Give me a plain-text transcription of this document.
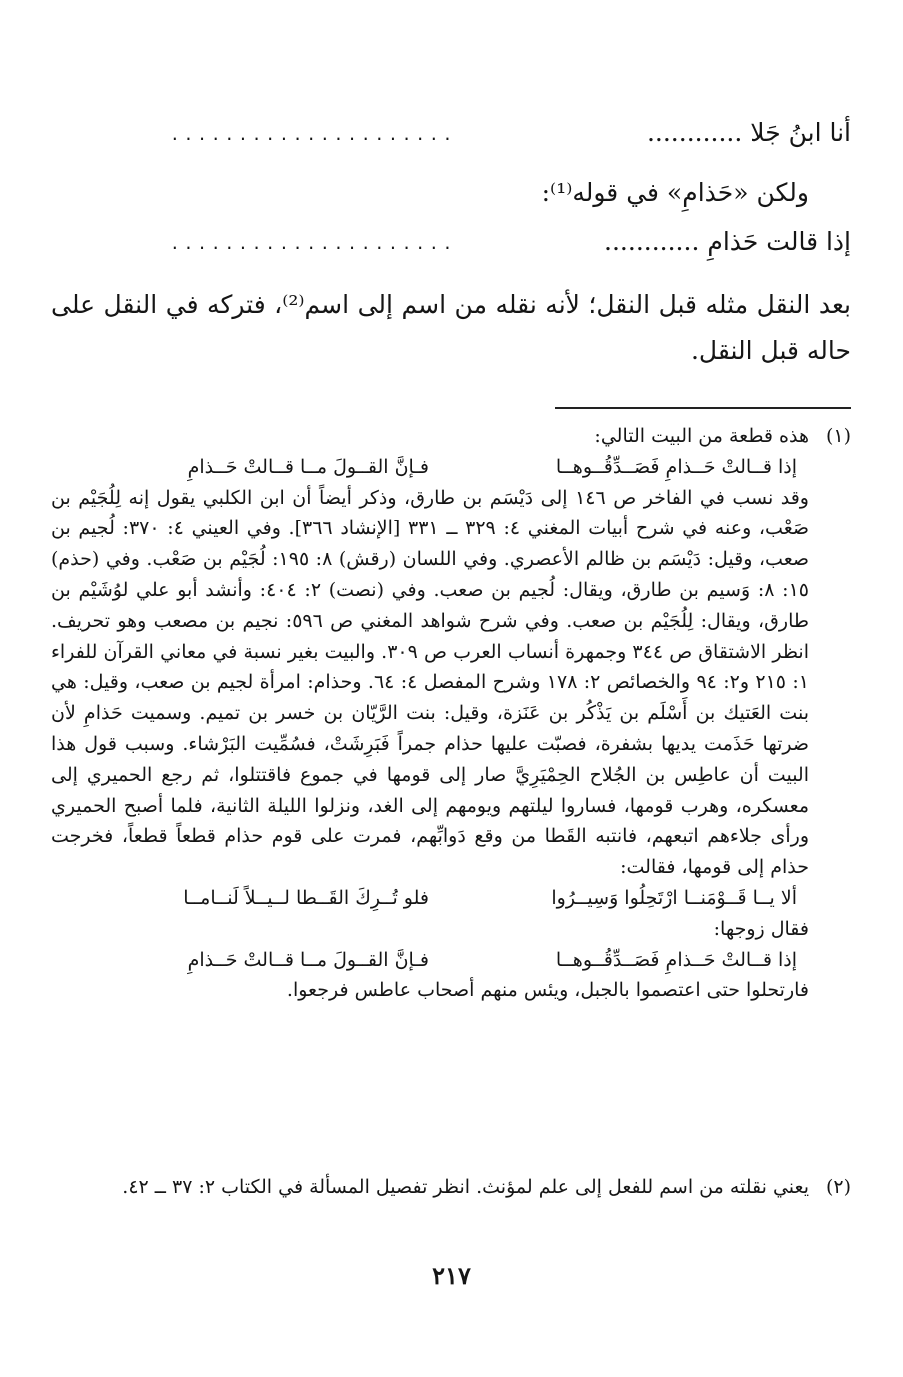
أنا ابنُ جَلا ............
.....................
ولكن «حَذامِ» في قوله⁽¹⁾:
إذا قالت حَذامِ ............
.....................
بعد النقل مثله قبل النقل؛ لأنه نقله من اسم إلى اسم⁽²⁾، فتركه في النقل على حاله قبل النقل.
(١)
هذه قطعة من البيت التالي:
إذا قــالتْ حَــذامِ فَصَــدِّقُــوهــا
فـإنَّ القــولَ مــا قــالتْ حَــذامِ
وقد نسب في الفاخر ص ١٤٦ إلى دَيْسَم بن طارق، وذكر أيضاً أن ابن الكلبي يقول إنه لِلُجَيْم بن صَعْب، وعنه في شرح أبيات المغني ٤: ٣٢٩ ــ ٣٣١ [الإنشاد ٣٦٦]. وفي العيني ٤: ٣٧٠: لُجيم بن صعب، وقيل: دَيْسَم بن ظالم الأعصري. وفي اللسان (رقش) ٨: ١٩٥: لُجَيْم بن صَعْب. وفي (حذم) ١٥: ٨: وَسيم بن طارق، ويقال: لُجيم بن صعب. وفي (نصت) ٢: ٤٠٤: وأنشد أبو علي لوُشَيْم بن طارق، ويقال: لِلُجَيْم بن صعب. وفي شرح شواهد المغني ص ٥٩٦: نجيم بن مصعب وهو تحريف. انظر الاشتقاق ص ٣٤٤ وجمهرة أنساب العرب ص ٣٠٩. والبيت بغير نسبة في معاني القرآن للفراء ١: ٢١٥ و٢: ٩٤ والخصائص ٢: ١٧٨ وشرح المفصل ٤: ٦٤. وحذام: امرأة لجيم بن صعب، وقيل: هي بنت العَتيك بن أَسْلَم بن يَذْكُر بن عَنَزة، وقيل: بنت الرَّيّان بن خسر بن تميم. وسميت حَذامِ لأن ضرتها حَذَمت يديها بشفرة، فصبّت عليها حذام جمراً فَبَرِشَتْ، فسُمِّيت البَرْشاء. وسبب قول هذا البيت أن عاطِس بن الجُلاح الحِمْيَرِيَّ صار إلى قومها في جموع فاقتتلوا، ثم رجع الحميري إلى معسكره، وهرب قومها، فساروا ليلتهم ويومهم إلى الغد، ونزلوا الليلة الثانية، فلما أصبح الحميري ورأى جلاءهم اتبعهم، فانتبه القَطا من وقع دَوابِّهم، فمرت على قوم حذام قطعاً قطعاً، فخرجت حذام إلى قومها، فقالت:
ألا يــا قَــوْمَنــا ارْتَحِلُوا وَسِيــرُوا
فلو تُــرِكَ القَــطا لــيــلاً لَنــامــا
فقال زوجها:
إذا قــالتْ حَــذامِ فَصَــدِّقُــوهــا
فـإنَّ القــولَ مــا قــالتْ حَــذامِ
فارتحلوا حتى اعتصموا بالجبل، ويئس منهم أصحاب عاطس فرجعوا.
(٢)
يعني نقلته من اسم للفعل إلى علم لمؤنث. انظر تفصيل المسألة في الكتاب ٢: ٣٧ ــ ٤٢.
٢١٧
